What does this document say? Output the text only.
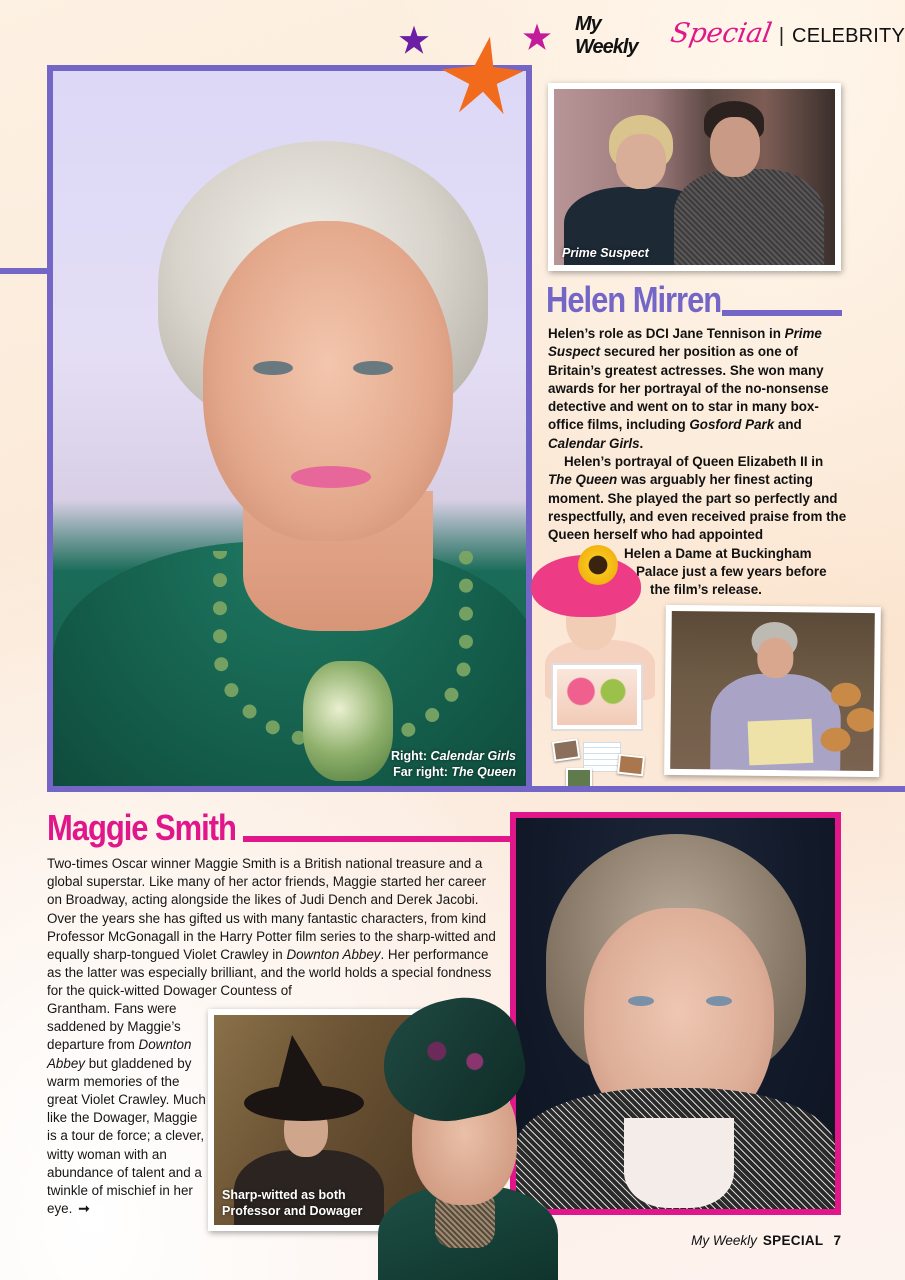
My Weekly	Special | CELEBRITY
Right: Calendar Girls
Far right: The Queen
Prime Suspect
Helen Mirren

Helen’s role as DCI Jane Tennison in Prime Suspect secured her position as one of Britain’s greatest actresses. She won many awards for her portrayal of the no-nonsense detective and went on to star in many box-office films, including Gosford Park and Calendar Girls.

Helen’s portrayal of Queen Elizabeth II in The Queen was arguably her finest acting moment. She played the part so perfectly and respectfully, and even received praise from the Queen herself who had appointed

Helen a Dame at Buckingham
Palace just a few years before
the film’s release.
Maggie Smith
Two-times Oscar winner Maggie Smith is a British national treasure and a global superstar. Like many of her actor friends, Maggie started her career on Broadway, acting alongside the likes of Judi Dench and Derek Jacobi. Over the years she has gifted us with many fantastic characters, from kind Professor McGonagall in the Harry Potter film series to the sharp-witted and equally sharp-tongued Violet Crawley in Downton Abbey. Her performance as the latter was especially brilliant, and the world holds a special fondness for the quick-witted Dowager Countess of
Grantham. Fans were saddened by Maggie’s departure from Downton Abbey but gladdened by warm memories of the great Violet Crawley. Much like the Dowager, Maggie is a tour de force; a clever, witty woman with an abundance of talent and a twinkle of mischief in her eye. ➞
Sharp-witted as both
Professor and Dowager
My Weekly SPECIAL 7
